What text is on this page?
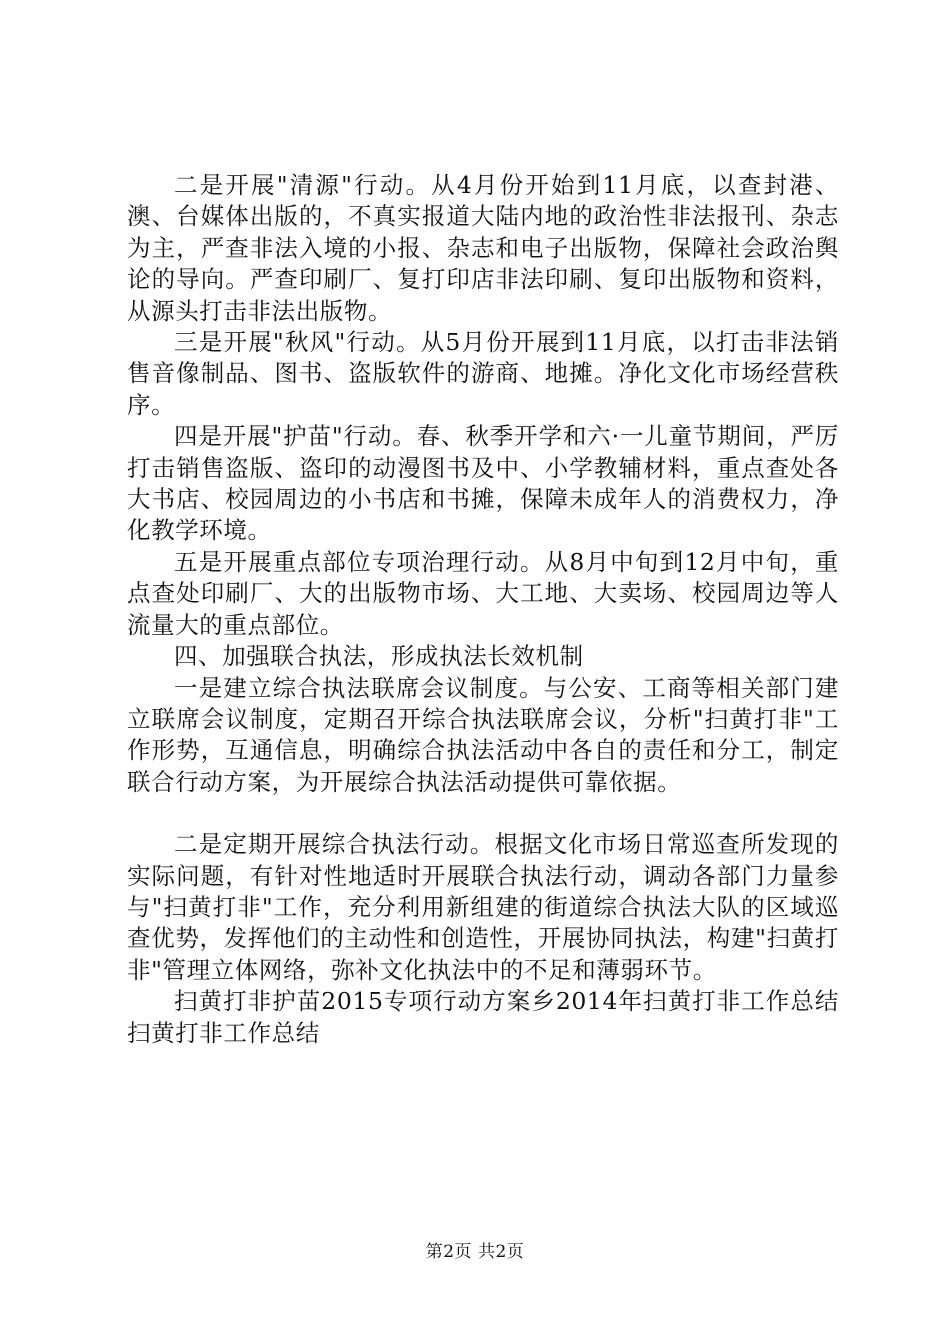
二是开展"清源"行动。从4月份开始到11月底，以查封港、澳、台媒体出版的，不真实报道大陆内地的政治性非法报刊、杂志为主，严查非法入境的小报、杂志和电子出版物，保障社会政治舆论的导向。严查印刷厂、复打印店非法印刷、复印出版物和资料，从源头打击非法出版物。

三是开展"秋风"行动。从5月份开展到11月底，以打击非法销售音像制品、图书、盗版软件的游商、地摊。净化文化市场经营秩序。

四是开展"护苗"行动。春、秋季开学和六·一儿童节期间，严厉打击销售盗版、盗印的动漫图书及中、小学教辅材料，重点查处各大书店、校园周边的小书店和书摊，保障未成年人的消费权力，净化教学环境。

五是开展重点部位专项治理行动。从8月中旬到12月中旬，重点查处印刷厂、大的出版物市场、大工地、大卖场、校园周边等人流量大的重点部位。

四、加强联合执法，形成执法长效机制

一是建立综合执法联席会议制度。与公安、工商等相关部门建立联席会议制度，定期召开综合执法联席会议，分析"扫黄打非"工作形势，互通信息，明确综合执法活动中各自的责任和分工，制定联合行动方案，为开展综合执法活动提供可靠依据。

二是定期开展综合执法行动。根据文化市场日常巡查所发现的实际问题，有针对性地适时开展联合执法行动，调动各部门力量参与"扫黄打非"工作，充分利用新组建的街道综合执法大队的区域巡查优势，发挥他们的主动性和创造性，开展协同执法，构建"扫黄打非"管理立体网络，弥补文化执法中的不足和薄弱环节。

扫黄打非护苗2015专项行动方案乡2014年扫黄打非工作总结扫黄打非工作总结

第2页 共2页
